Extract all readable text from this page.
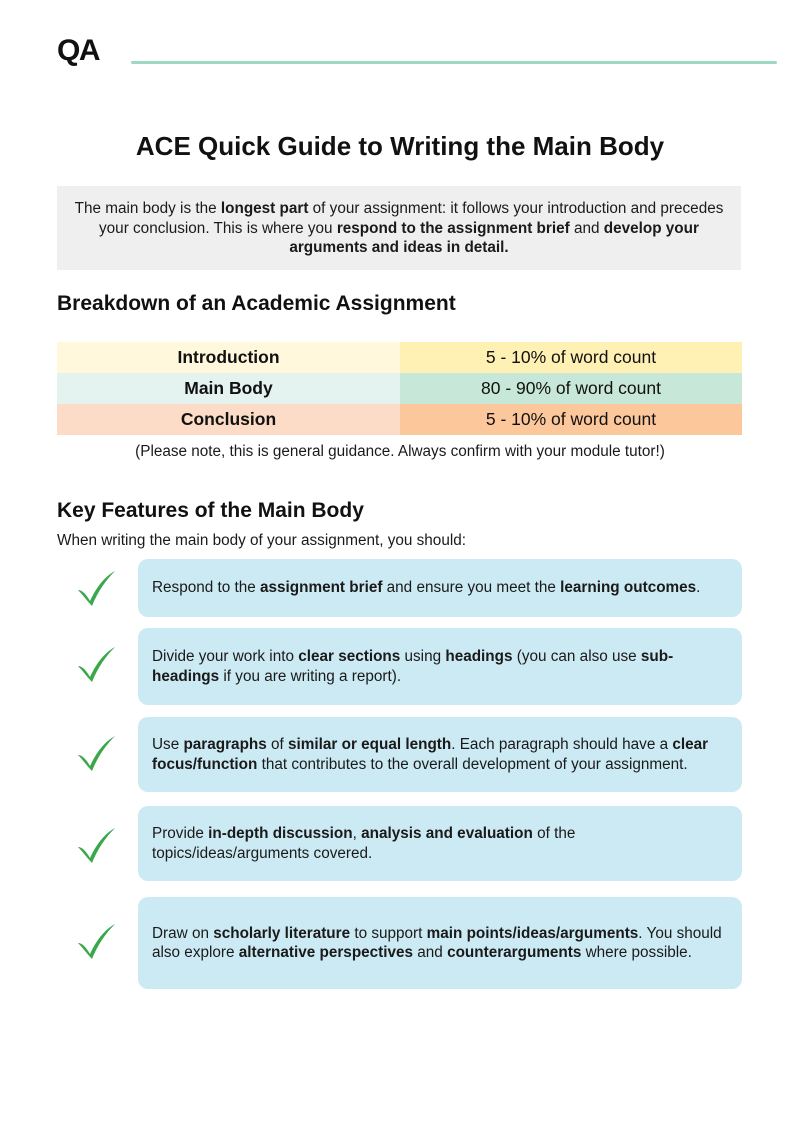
QA
ACE Quick Guide to Writing the Main Body

The main body is the longest part of your assignment: it follows your introduction and precedes your conclusion. This is where you respond to the assignment brief and develop your arguments and ideas in detail.

Breakdown of an Academic Assignment
Introduction	5 - 10% of word count
Main Body	80 - 90% of word count
Conclusion	5 - 10% of word count

(Please note, this is general guidance. Always confirm with your module tutor!)

Key Features of the Main Body

When writing the main body of your assignment, you should:

Respond to the assignment brief and ensure you meet the learning outcomes.

Divide your work into clear sections using headings (you can also use sub-headings if you are writing a report).

Use paragraphs of similar or equal length. Each paragraph should have a clear focus/function that contributes to the overall development of your assignment.

Provide in-depth discussion, analysis and evaluation of the topics/ideas/arguments covered.

Draw on scholarly literature to support main points/ideas/arguments. You should also explore alternative perspectives and counterarguments where possible.
